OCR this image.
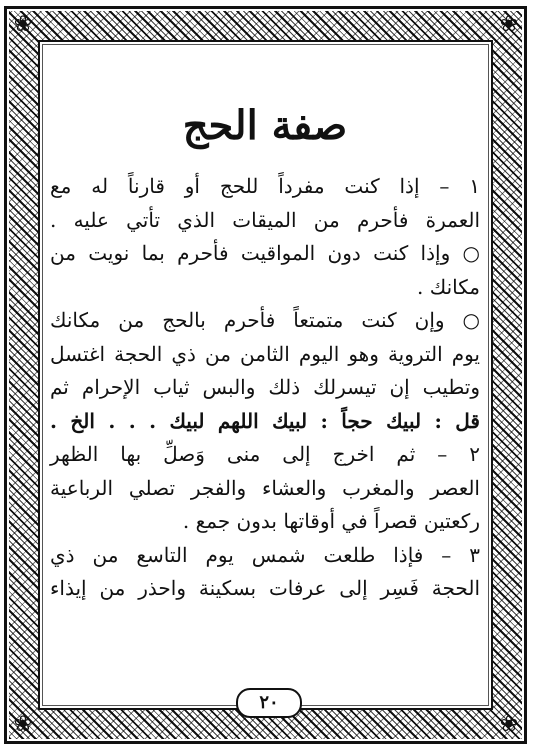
❀	❀
❀	❀
صفة الحج
١ – إذا كنت مفرداً للحج أو قارناً له مع
العمرة فأحرم من الميقات الذي تأتي عليه .
○ وإذا كنت دون المواقيت فأحرم بما نويت من
مكانك .
○ وإن كنت متمتعاً فأحرم بالحج من مكانك
يوم التروية وهو اليوم الثامن من ذي الحجة اغتسل
وتطيب إن تيسرلك ذلك والبس ثياب الإحرام ثم
قل : لبيك حجاً : لبيك اللهم لبيك . . . الخ .
٢ – ثم اخرج إلى منى وَصلِّ بها الظهر
العصر والمغرب والعشاء والفجر تصلي الرباعية
ركعتين قصراً في أوقاتها بدون جمع .
٣ – فإذا طلعت شمس يوم التاسع من ذي
الحجة فَسِر إلى عرفات بسكينة واحذر من إيذاء
٢٠
